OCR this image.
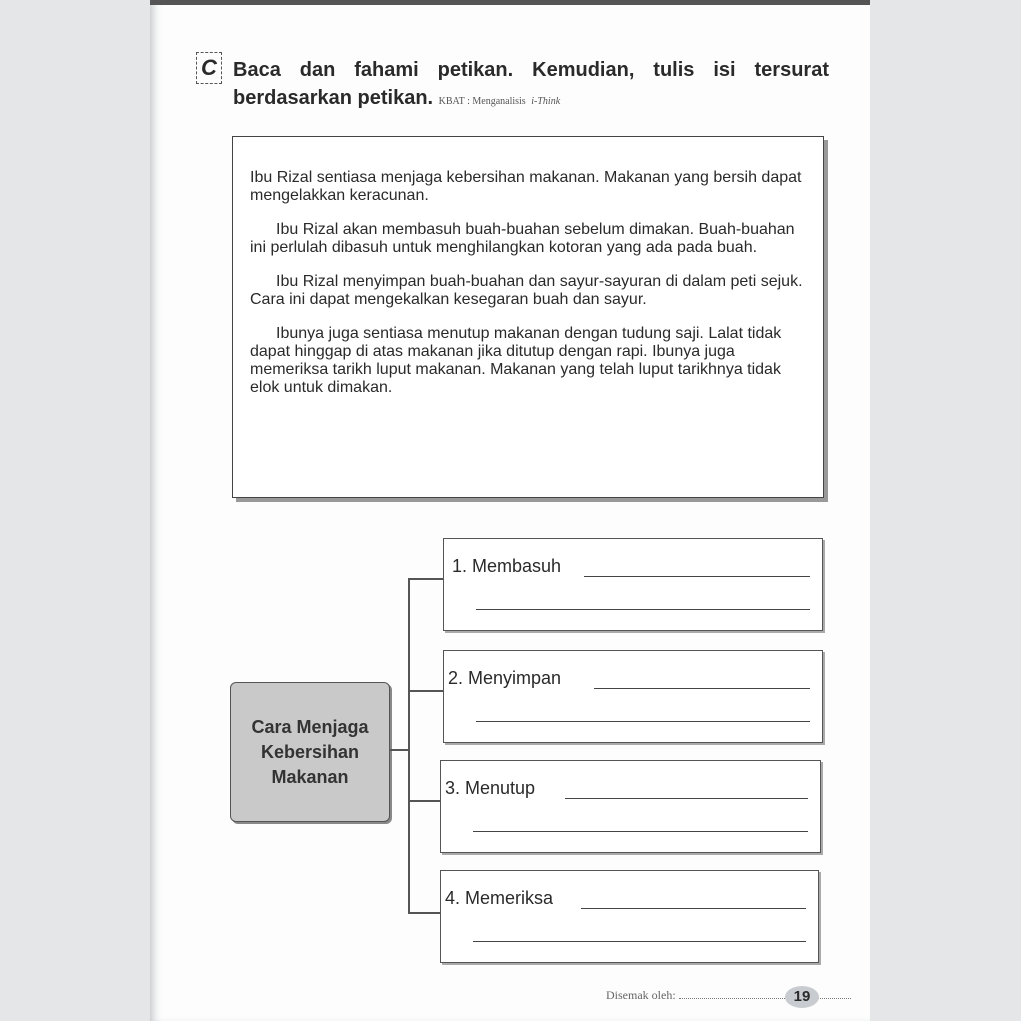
C Baca dan fahami petikan. Kemudian, tulis isi tersurat berdasarkan petikan. KBAT : Menganalisis i-Think

Ibu Rizal sentiasa menjaga kebersihan makanan. Makanan yang bersih dapat mengelakkan keracunan.

Ibu Rizal akan membasuh buah-buahan sebelum dimakan. Buah-buahan ini perlulah dibasuh untuk menghilangkan kotoran yang ada pada buah.

Ibu Rizal menyimpan buah-buahan dan sayur-sayuran di dalam peti sejuk. Cara ini dapat mengekalkan kesegaran buah dan sayur.

Ibunya juga sentiasa menutup makanan dengan tudung saji. Lalat tidak dapat hinggap di atas makanan jika ditutup dengan rapi. Ibunya juga memeriksa tarikh luput makanan. Makanan yang telah luput tarikhnya tidak elok untuk dimakan.

Cara Menjaga Kebersihan Makanan
1. Membasuh
2. Menyimpan
3. Menutup
4. Memeriksa
Disemak oleh:	19
